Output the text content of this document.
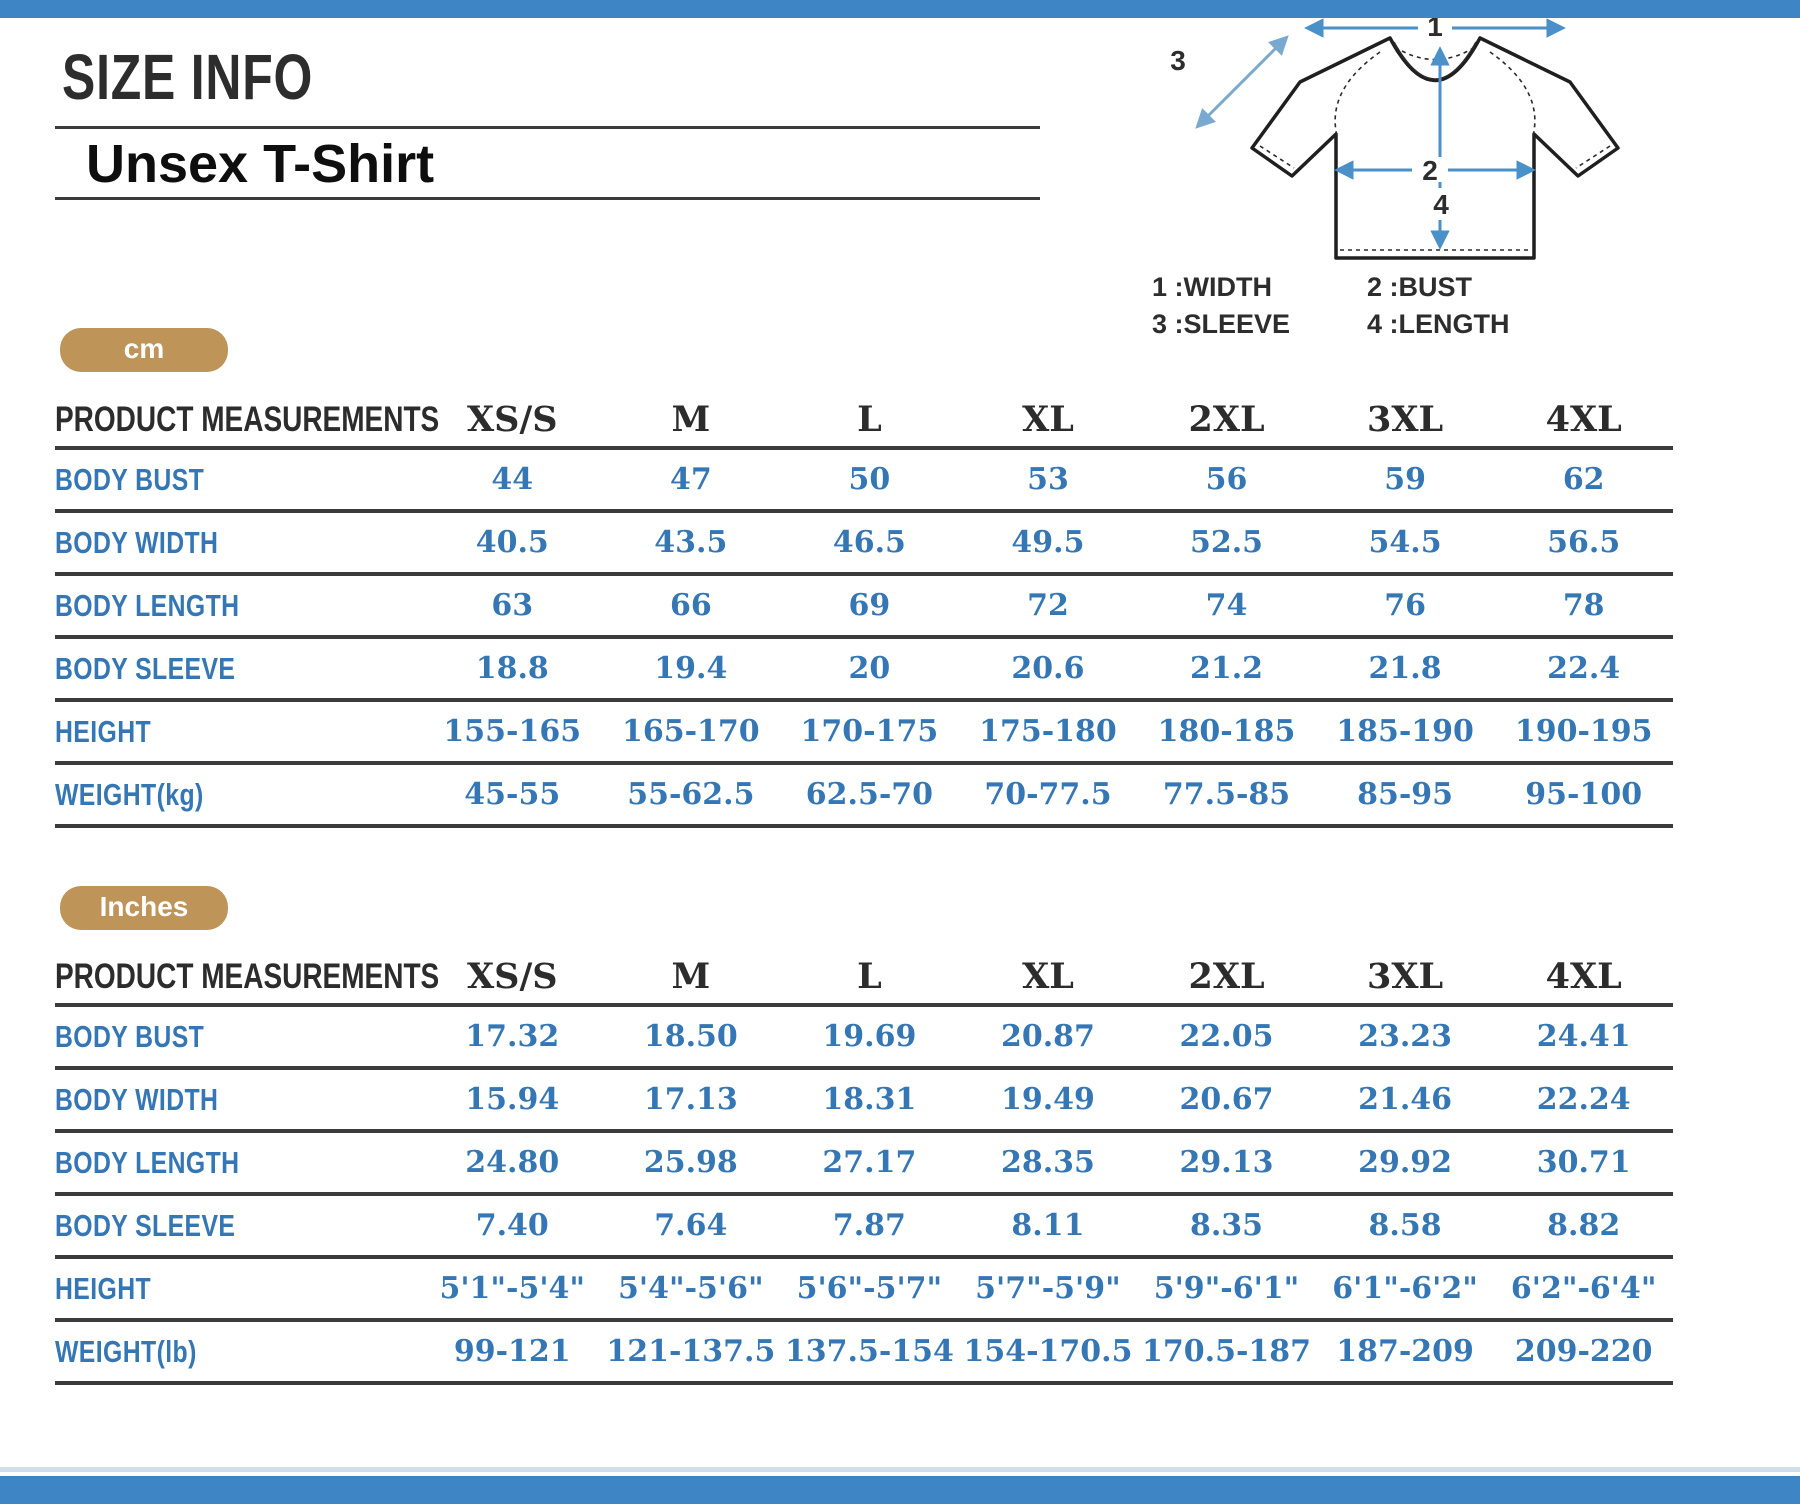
SIZE INFO
Unsex T-Shirt
1
2
3
4
1 :WIDTH	2 :BUST
3 :SLEEVE	4 :LENGTH
cm
PRODUCT MEASUREMENTS	XS/S	M	L	XL	2XL	3XL	4XL
BODY BUST	44	47	50	53	56	59	62
BODY WIDTH	40.5	43.5	46.5	49.5	52.5	54.5	56.5
BODY LENGTH	63	66	69	72	74	76	78
BODY SLEEVE	18.8	19.4	20	20.6	21.2	21.8	22.4
HEIGHT	155-165	165-170	170-175	175-180	180-185	185-190	190-195
WEIGHT(kg)	45-55	55-62.5	62.5-70	70-77.5	77.5-85	85-95	95-100
Inches
PRODUCT MEASUREMENTS	XS/S	M	L	XL	2XL	3XL	4XL
BODY BUST	17.32	18.50	19.69	20.87	22.05	23.23	24.41
BODY WIDTH	15.94	17.13	18.31	19.49	20.67	21.46	22.24
BODY LENGTH	24.80	25.98	27.17	28.35	29.13	29.92	30.71
BODY SLEEVE	7.40	7.64	7.87	8.11	8.35	8.58	8.82
HEIGHT	5'1"-5'4"	5'4"-5'6"	5'6"-5'7"	5'7"-5'9"	5'9"-6'1"	6'1"-6'2"	6'2"-6'4"
WEIGHT(lb)	99-121	121-137.5	137.5-154	154-170.5	170.5-187	187-209	209-220
